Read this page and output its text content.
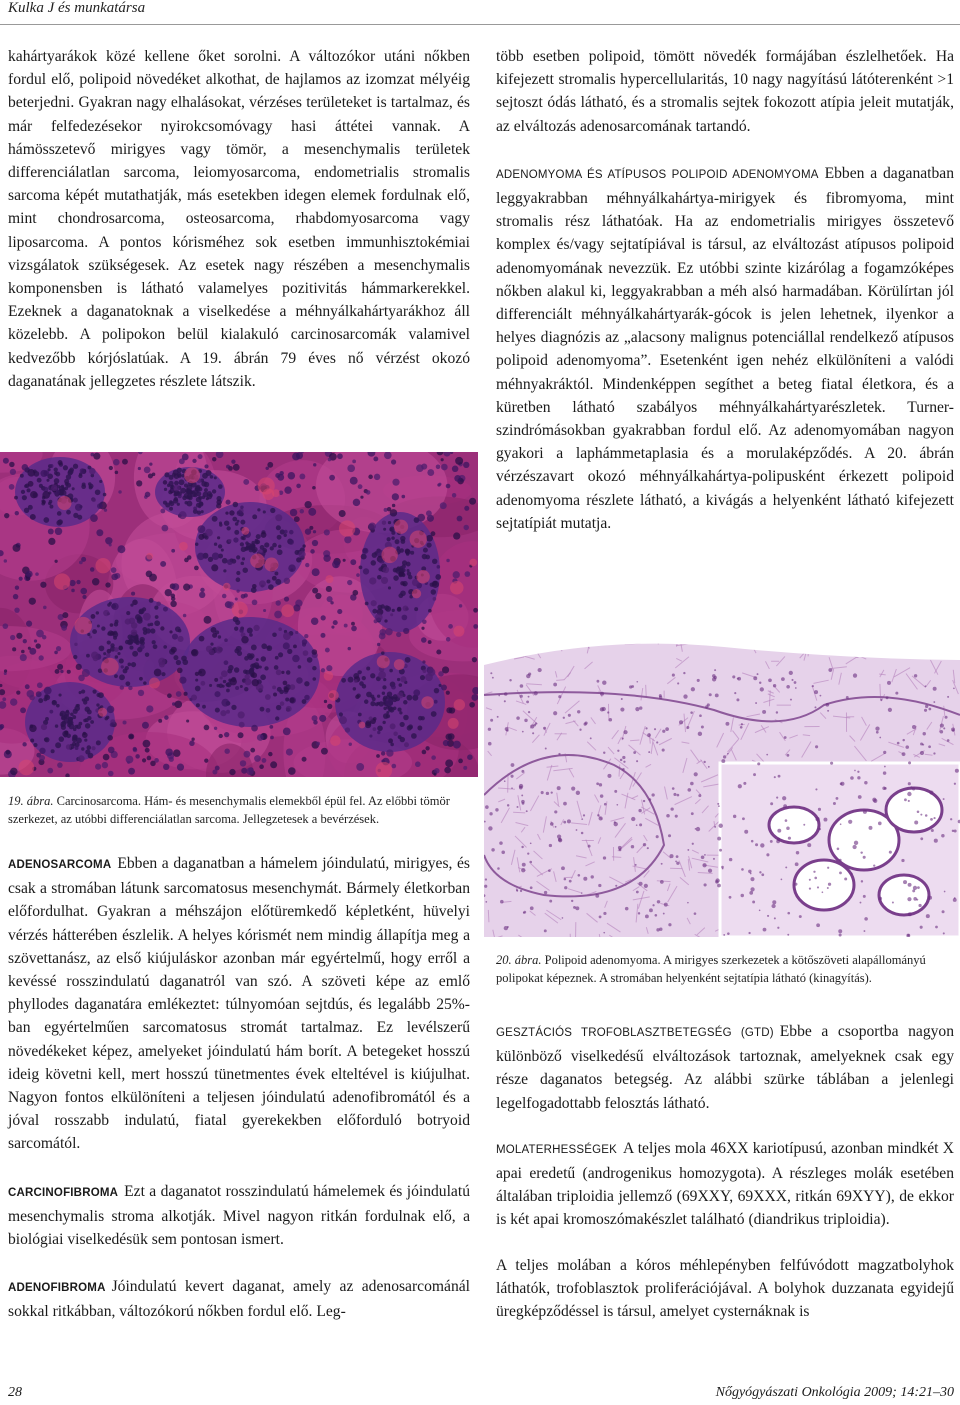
Kulka J és munkatársa

kahártyarákok közé kellene őket sorolni. A változókor utáni nőkben fordul elő, polipoid növedéket alkothat, de hajlamos az izomzat mélyéig beterjedni. Gyakran nagy elhalásokat, vérzéses területeket is tartalmaz, és már felfedezésekor nyirokcsomóvagy hasi áttétei vannak. A hámösszetevő mirigyes vagy tömör, a mesenchymalis területek differenciálatlan sarcoma, leiomyosarcoma, endometrialis stromalis sarcoma képét mutathatják, más esetekben idegen elemek fordulnak elő, mint chondrosarcoma, osteosarcoma, rhabdomyosarcoma vagy liposarcoma. A pontos kórisméhez sok esetben immunhisztokémiai vizsgálatok szükségesek. Az esetek nagy részében a mesenchymalis komponensben is látható valamelyes pozitivitás hámmarkerekkel. Ezeknek a daganatoknak a viselkedése a méhnyálkahártyarákhoz áll közelebb. A polipokon belül kialakuló carcinosarcomák valamivel kedvezőbb kórjóslatúak. A 19. ábrán 79 éves nő vérzést okozó daganatának jellegzetes részlete látszik.

19. ábra. Carcinosarcoma. Hám- és mesenchymalis elemekből épül fel. Az előbbi tömör szerkezet, az utóbbi differenciálatlan sarcoma. Jellegzetesek a bevérzések.

ADENOSARCOMA Ebben a daganatban a hámelem jóindulatú, mirigyes, és csak a stromában látunk sarcomatosus mesenchymát. Bármely életkorban előfordulhat. Gyakran a méhszájon előtüremkedő képletként, hüvelyi vérzés hátterében észlelik. A helyes kórismét nem mindig állapítja meg a szövettanász, az első kiújuláskor azonban már egyértelmű, hogy erről a kevéssé rosszindulatú daganatról van szó. A szöveti képe az emlő phyllodes daganatára emlékeztet: túlnyomóan sejtdús, és legalább 25%-ban egyértelműen sarcomatosus stromát tartalmaz. Ez levélszerű növedékeket képez, amelyeket jóindulatú hám borít. A betegeket hosszú ideig követni kell, mert hosszú tünetmentes évek elteltével is kiújulhat. Nagyon fontos elkülöníteni a teljesen jóindulatú adenofibromától és a jóval rosszabb indulatú, fiatal gyerekekben előforduló botryoid sarcomától.

CARCINOFIBROMA Ezt a daganatot rosszindulatú hámelemek és jóindulatú mesenchymalis stroma alkotják. Mivel nagyon ritkán fordulnak elő, a biológiai viselkedésük sem pontosan ismert.

ADENOFIBROMA Jóindulatú kevert daganat, amely az adenosarcománál sokkal ritkábban, változókorú nőkben fordul elő. Leg-

több esetben polipoid, tömött növedék formájában észlelhetőek. Ha kifejezett stromalis hypercellularitás, 10 nagy nagyítású látóterenként >1 sejtoszt ódás látható, és a stromalis sejtek fokozott atípia jeleit mutatják, az elváltozás adenosarcomának tartandó.

ADENOMYOMA ÉS ATÍPUSOS POLIPOID ADENOMYOMA Ebben a daganatban leggyakrabban méhnyálkahártya-mirigyek és fibromyoma, mint stromalis rész láthatóak. Ha az endometrialis mirigyes összetevő komplex és/vagy sejtatípiával is társul, az elváltozást atípusos polipoid adenomyomának nevezzük. Ez utóbbi szinte kizárólag a fogamzóképes nőkben alakul ki, leggyakrabban a méh alsó harmadában. Körülírtan jól differenciált méhnyálkahártyarák-gócok is jelen lehetnek, ilyenkor a helyes diagnózis az „alacsony malignus potenciállal rendelkező atípusos polipoid adenomyoma”. Esetenként igen nehéz elkülöníteni a valódi méhnyakráktól. Mindenképpen segíthet a beteg fiatal életkora, és a küretben látható szabályos méhnyálkahártyarészletek. Turner-szindrómásokban gyakrabban fordul elő. Az adenomyomában nagyon gyakori a laphámmetaplasia és a morulaképződés. A 20. ábrán vérzészavart okozó méhnyálkahártya-polipusként érkezett polipoid adenomyoma részlete látható, a kivágás a helyenként látható kifejezett sejtatípiát mutatja.

20. ábra. Polipoid adenomyoma. A mirigyes szerkezetek a kötőszöveti alapállományú polipokat képeznek. A stromában helyenként sejtatípia látható (kinagyítás).

GESZTÁCIÓS TROFOBLASZTBETEGSÉG (GTD) Ebbe a csoportba nagyon különböző viselkedésű elváltozások tartoznak, amelyeknek csak egy része daganatos betegség. Az alábbi szürke táblában a jelenlegi legelfogadottabb felosztás látható.

MOLATERHESSÉGEK A teljes mola 46XX kariotípusú, azonban mindkét X apai eredetű (androgenikus homozygota). A részleges molák esetében általában triploidia jellemző (69XXY, 69XXX, ritkán 69XYY), de ekkor is két apai kromoszómakészlet található (diandrikus triploidia).

A teljes molában a kóros méhlepényben felfúvódott magzatbolyhok láthatók, trofoblasztok proliferációjával. A bolyhok duzzanata egyidejű üregképződéssel is társul, amelyet cysternáknak is

28	Nőgyógyászati Onkológia 2009; 14:21–30
